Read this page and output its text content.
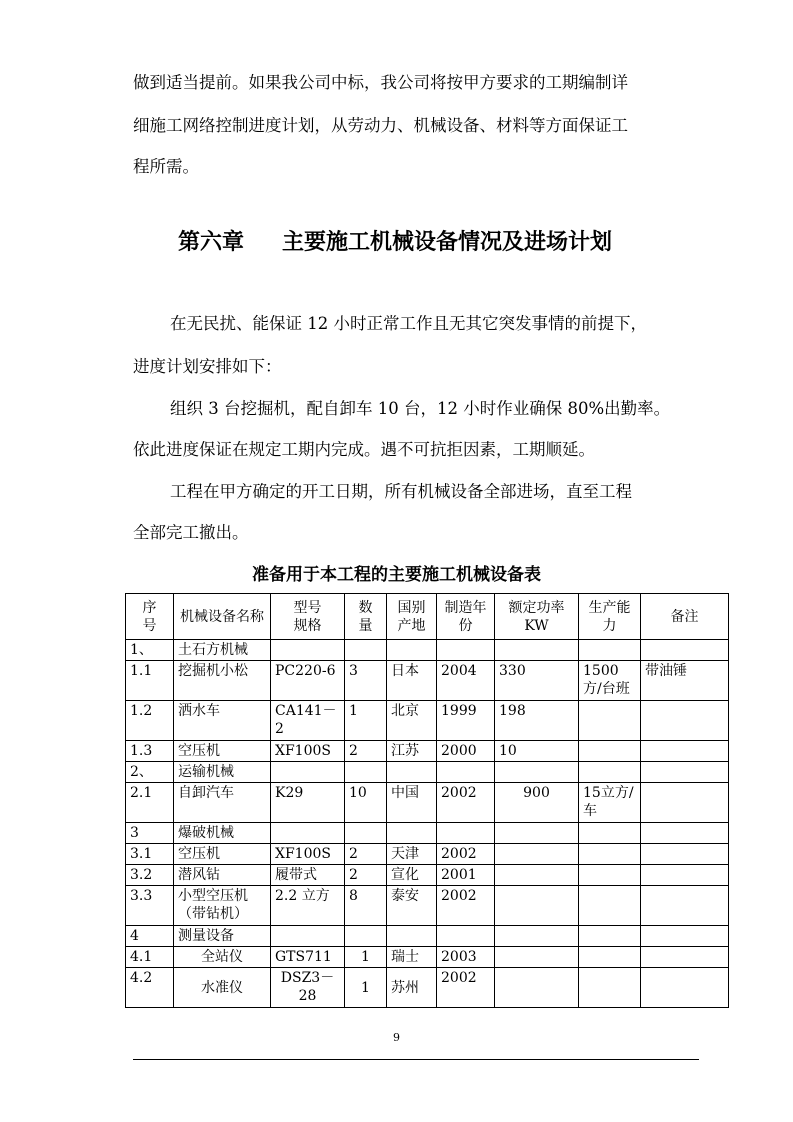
做到适当提前。如果我公司中标，我公司将按甲方要求的工期编制详

细施工网络控制进度计划，从劳动力、机械设备、材料等方面保证工

程所需。

第六章 主要施工机械设备情况及进场计划

在无民扰、能保证 12 小时正常工作且无其它突发事情的前提下，

进度计划安排如下：

组织 3 台挖掘机，配自卸车 10 台，12 小时作业确保 80%出勤率。

依此进度保证在规定工期内完成。遇不可抗拒因素，工期顺延。

工程在甲方确定的开工日期，所有机械设备全部进场，直至工程

全部完工撤出。

准备用于本工程的主要施工机械设备表

序号	机械设备名称	型号规格	数量	国别产地	制造年份	额定功率KW	生产能力	备注
1、	土石方机械							
1.1	挖掘机小松	PC220-6	3	日本	2004	330	1500方/台班	带油锤
1.2	洒水车	CA141－2	1	北京	1999	198		
1.3	空压机	XF100S	2	江苏	2000	10		
2、	运输机械							
2.1	自卸汽车	K29	10	中国	2002	900	15立方/车	
3	爆破机械							
3.1	空压机	XF100S	2	天津	2002			
3.2	潜风钻	履带式	2	宣化	2001			
3.3	小型空压机（带钻机）	2.2 立方	8	泰安	2002			
4	测量设备							
4.1	全站仪	GTS711	1	瑞士	2003			
4.2	水准仪	DSZ3－28	1	苏州	2002			

9
